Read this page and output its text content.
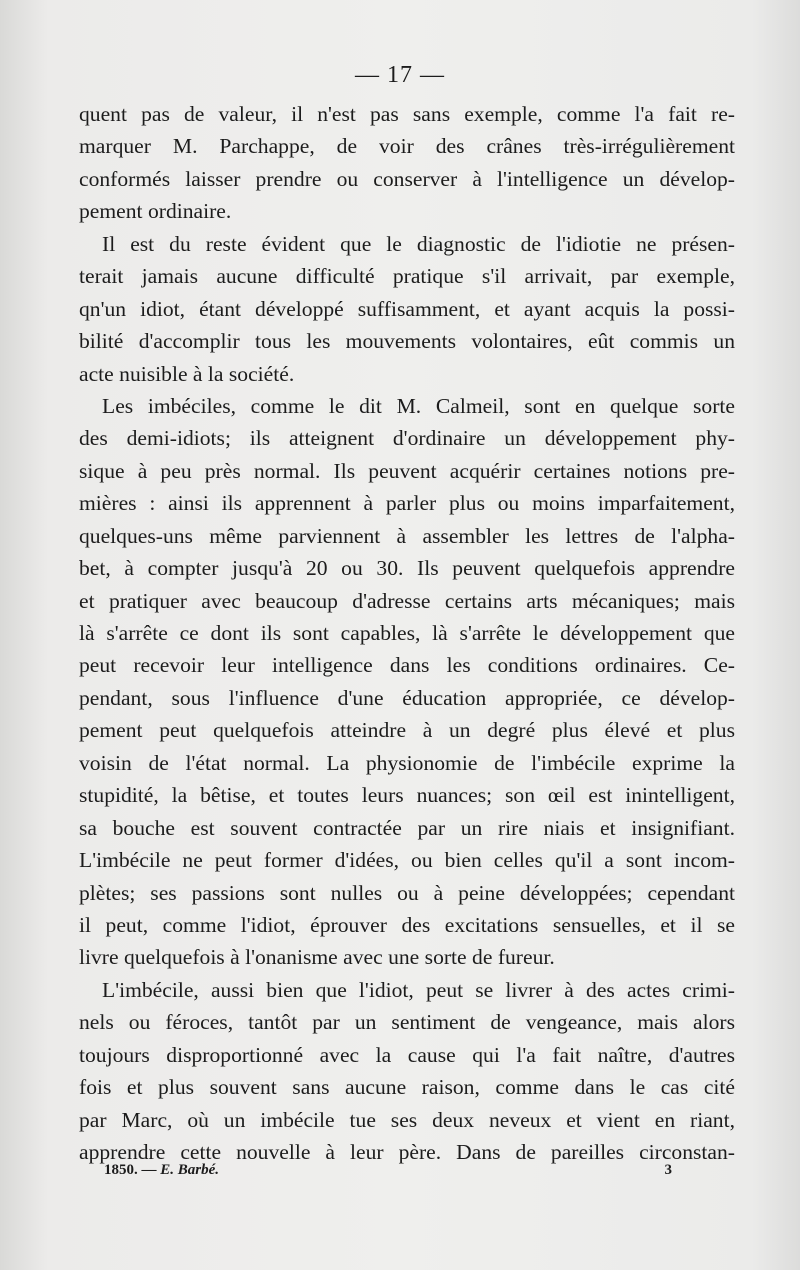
— 17 —
quent pas de valeur, il n'est pas sans exemple, comme l'a fait re-
marquer M. Parchappe, de voir des crânes très-irrégulièrement
conformés laisser prendre ou conserver à l'intelligence un dévelop-
pement ordinaire.
Il est du reste évident que le diagnostic de l'idiotie ne présen-
terait jamais aucune difficulté pratique s'il arrivait, par exemple,
qn'un idiot, étant développé suffisamment, et ayant acquis la possi-
bilité d'accomplir tous les mouvements volontaires, eût commis un
acte nuisible à la société.
Les imbéciles, comme le dit M. Calmeil, sont en quelque sorte
des demi-idiots; ils atteignent d'ordinaire un développement phy-
sique à peu près normal. Ils peuvent acquérir certaines notions pre-
mières : ainsi ils apprennent à parler plus ou moins imparfaitement,
quelques-uns même parviennent à assembler les lettres de l'alpha-
bet, à compter jusqu'à 20 ou 30. Ils peuvent quelquefois apprendre
et pratiquer avec beaucoup d'adresse certains arts mécaniques; mais
là s'arrête ce dont ils sont capables, là s'arrête le développement que
peut recevoir leur intelligence dans les conditions ordinaires. Ce-
pendant, sous l'influence d'une éducation appropriée, ce dévelop-
pement peut quelquefois atteindre à un degré plus élevé et plus
voisin de l'état normal. La physionomie de l'imbécile exprime la
stupidité, la bêtise, et toutes leurs nuances; son œil est inintelligent,
sa bouche est souvent contractée par un rire niais et insignifiant.
L'imbécile ne peut former d'idées, ou bien celles qu'il a sont incom-
plètes; ses passions sont nulles ou à peine développées; cependant
il peut, comme l'idiot, éprouver des excitations sensuelles, et il se
livre quelquefois à l'onanisme avec une sorte de fureur.
L'imbécile, aussi bien que l'idiot, peut se livrer à des actes crimi-
nels ou féroces, tantôt par un sentiment de vengeance, mais alors
toujours disproportionné avec la cause qui l'a fait naître, d'autres
fois et plus souvent sans aucune raison, comme dans le cas cité
par Marc, où un imbécile tue ses deux neveux et vient en riant,
apprendre cette nouvelle à leur père. Dans de pareilles circonstan-
1850. — E. Barbé.	3
